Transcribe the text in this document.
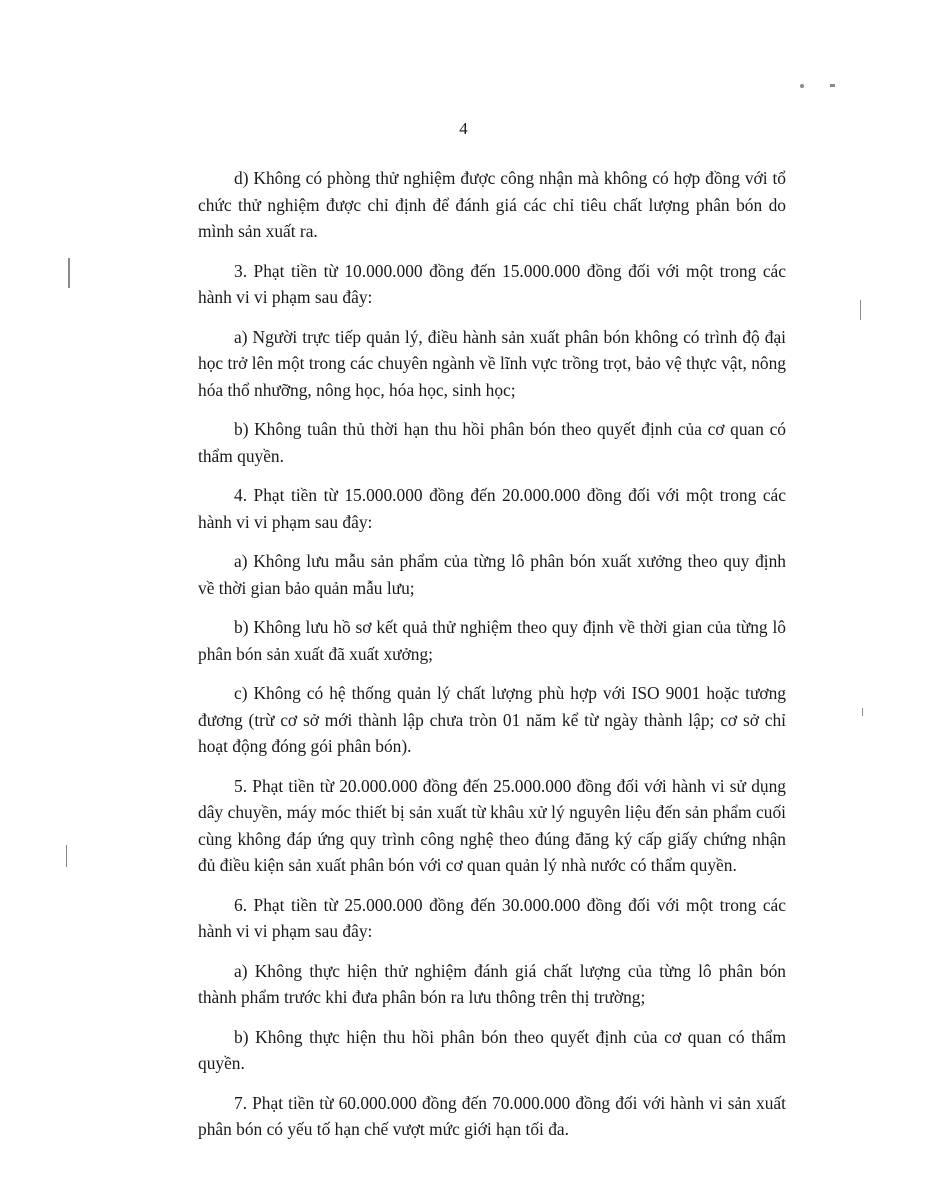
4

d) Không có phòng thử nghiệm được công nhận mà không có hợp đồng với tổ chức thử nghiệm được chỉ định để đánh giá các chỉ tiêu chất lượng phân bón do mình sản xuất ra.

3. Phạt tiền từ 10.000.000 đồng đến 15.000.000 đồng đối với một trong các hành vi vi phạm sau đây:

a) Người trực tiếp quản lý, điều hành sản xuất phân bón không có trình độ đại học trở lên một trong các chuyên ngành về lĩnh vực trồng trọt, bảo vệ thực vật, nông hóa thổ nhưỡng, nông học, hóa học, sinh học;

b) Không tuân thủ thời hạn thu hồi phân bón theo quyết định của cơ quan có thẩm quyền.

4. Phạt tiền từ 15.000.000 đồng đến 20.000.000 đồng đối với một trong các hành vi vi phạm sau đây:

a) Không lưu mẫu sản phẩm của từng lô phân bón xuất xưởng theo quy định về thời gian bảo quản mẫu lưu;

b) Không lưu hồ sơ kết quả thử nghiệm theo quy định về thời gian của từng lô phân bón sản xuất đã xuất xưởng;

c) Không có hệ thống quản lý chất lượng phù hợp với ISO 9001 hoặc tương đương (trừ cơ sở mới thành lập chưa tròn 01 năm kể từ ngày thành lập; cơ sở chỉ hoạt động đóng gói phân bón).

5. Phạt tiền từ 20.000.000 đồng đến 25.000.000 đồng đối với hành vi sử dụng dây chuyền, máy móc thiết bị sản xuất từ khâu xử lý nguyên liệu đến sản phẩm cuối cùng không đáp ứng quy trình công nghệ theo đúng đăng ký cấp giấy chứng nhận đủ điều kiện sản xuất phân bón với cơ quan quản lý nhà nước có thẩm quyền.

6. Phạt tiền từ 25.000.000 đồng đến 30.000.000 đồng đối với một trong các hành vi vi phạm sau đây:

a) Không thực hiện thử nghiệm đánh giá chất lượng của từng lô phân bón thành phẩm trước khi đưa phân bón ra lưu thông trên thị trường;

b) Không thực hiện thu hồi phân bón theo quyết định của cơ quan có thẩm quyền.

7. Phạt tiền từ 60.000.000 đồng đến 70.000.000 đồng đối với hành vi sản xuất phân bón có yếu tố hạn chế vượt mức giới hạn tối đa.
